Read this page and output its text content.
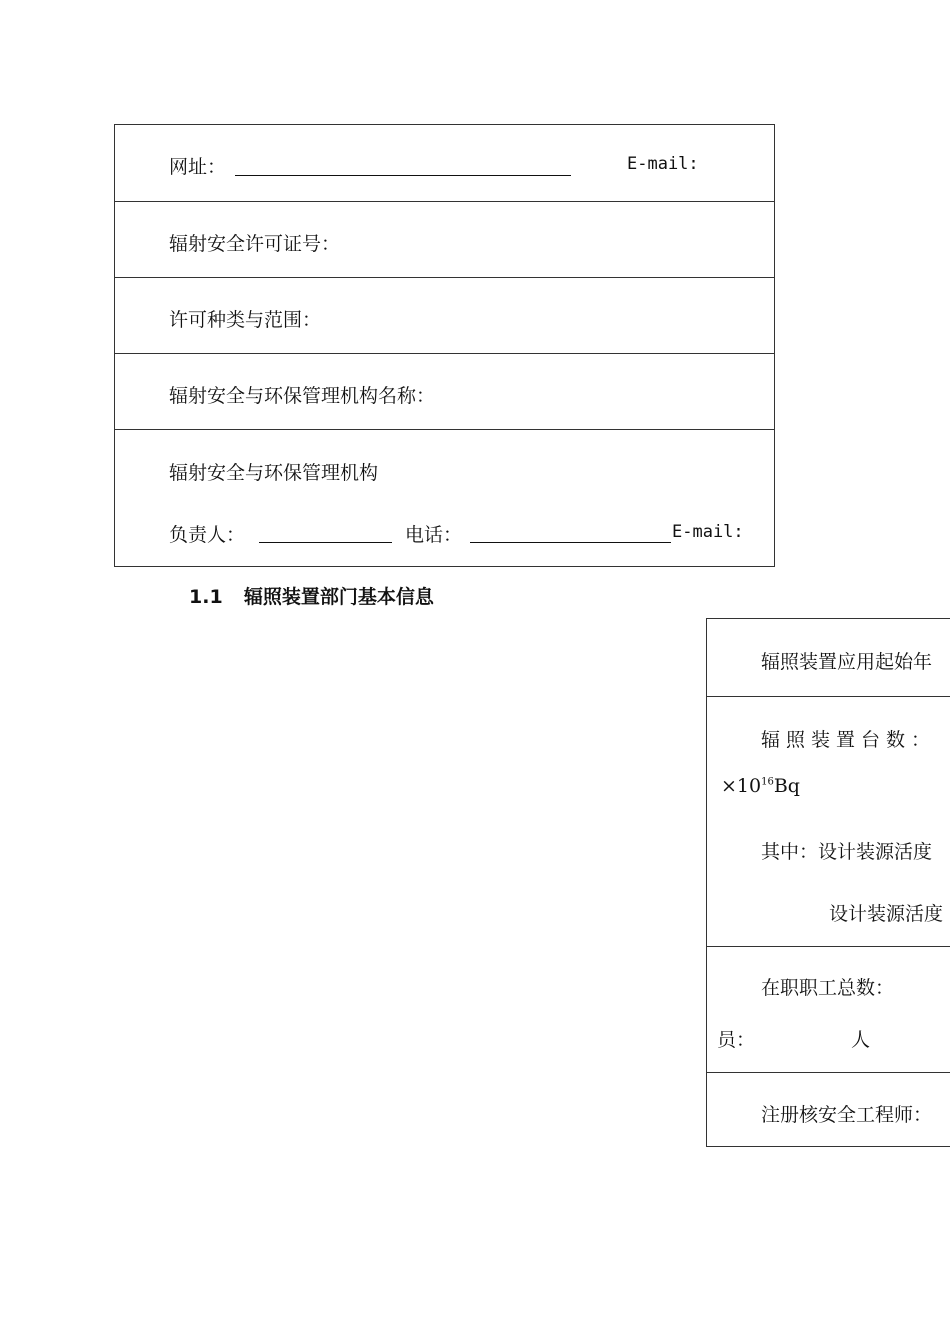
网址：	E-mail:
辐射安全许可证号：
许可种类与范围：
辐射安全与环保管理机构名称：
辐射安全与环保管理机构
负责人：	电话：	E-mail:
1.1 辐照装置部门基本信息
辐照装置应用起始年
辐照装置台数：
$\times 10^{16}Bq$
其中：设计装源活度
设计装源活度
在职职工总数：
员：	人
注册核安全工程师：
